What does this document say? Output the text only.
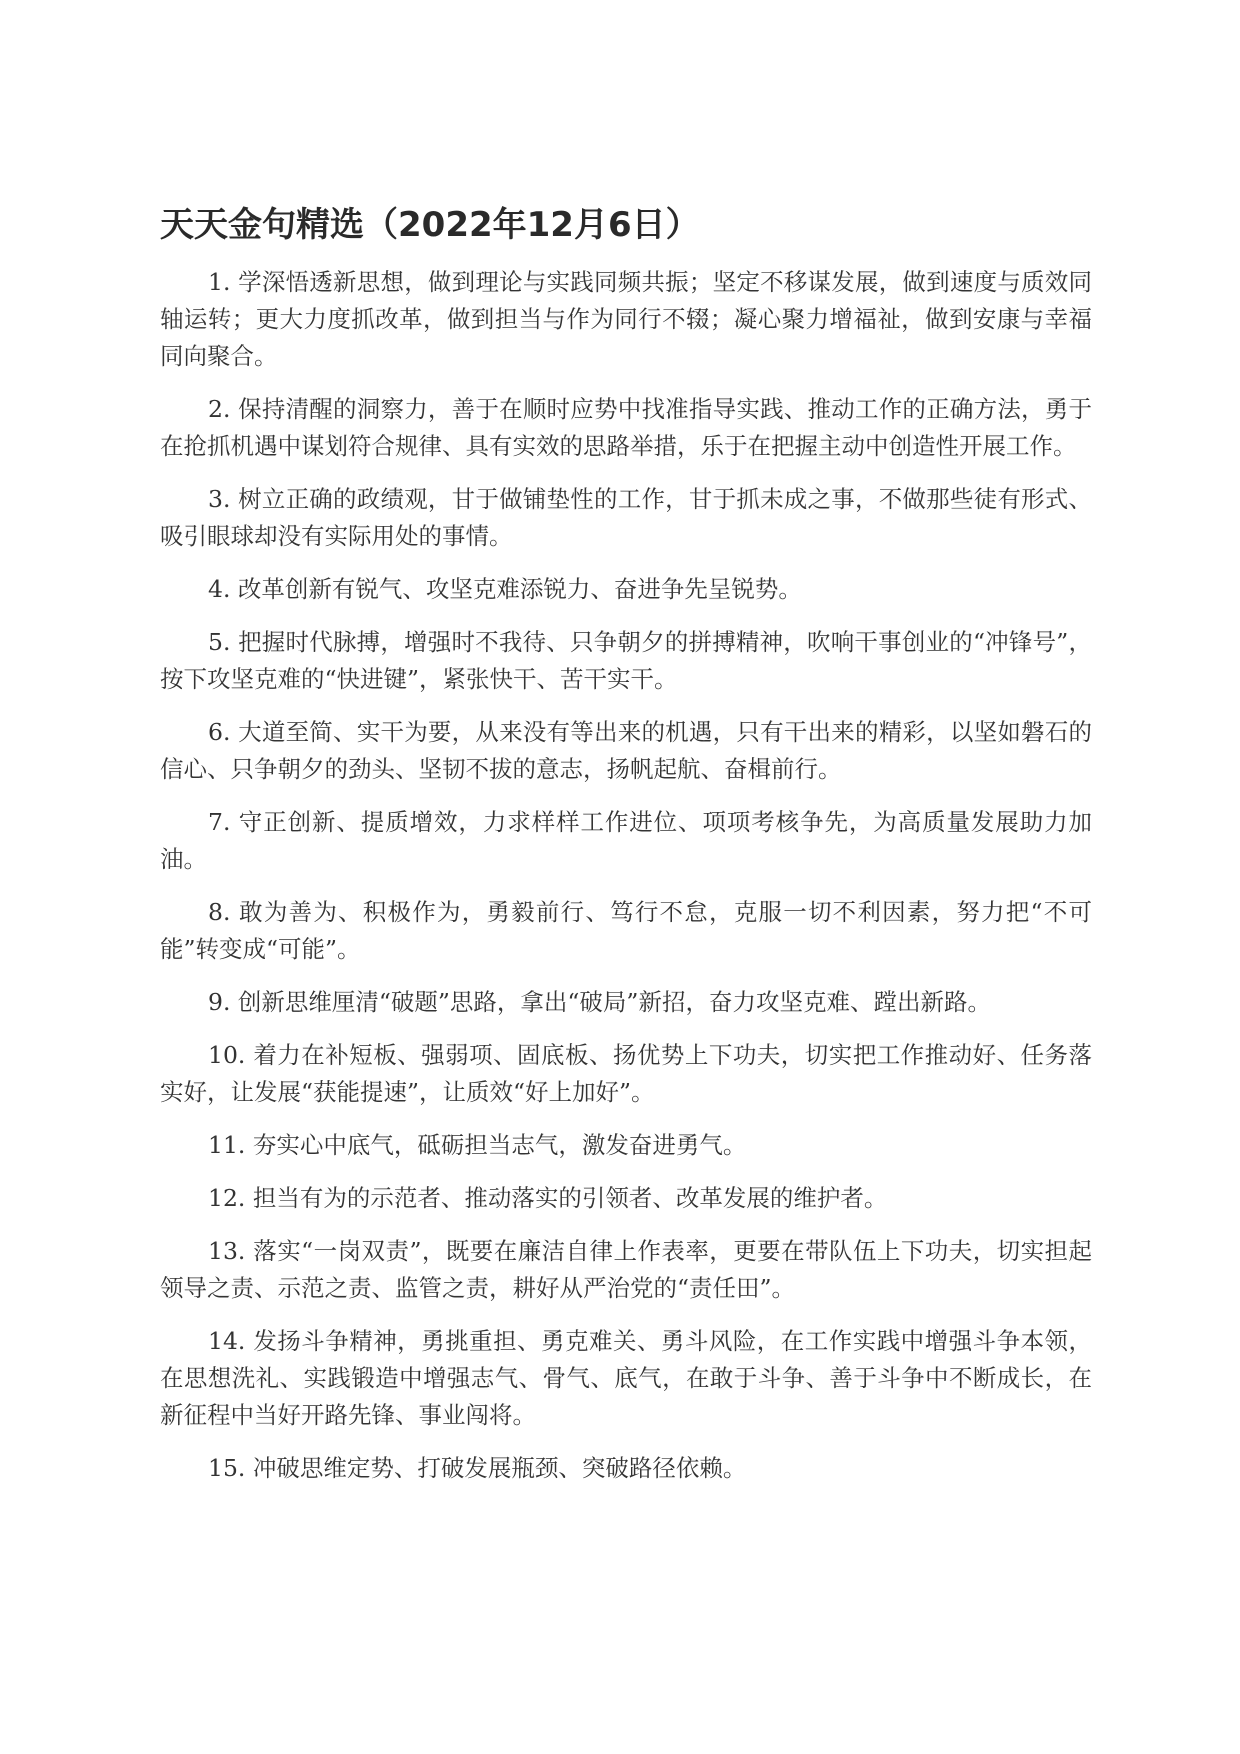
天天金句精选（2022年12月6日）

1. 学深悟透新思想，做到理论与实践同频共振；坚定不移谋发展，做到速度与质效同轴运转；更大力度抓改革，做到担当与作为同行不辍；凝心聚力增福祉，做到安康与幸福同向聚合。

2. 保持清醒的洞察力，善于在顺时应势中找准指导实践、推动工作的正确方法，勇于在抢抓机遇中谋划符合规律、具有实效的思路举措，乐于在把握主动中创造性开展工作。

3. 树立正确的政绩观，甘于做铺垫性的工作，甘于抓未成之事，不做那些徒有形式、吸引眼球却没有实际用处的事情。

4. 改革创新有锐气、攻坚克难添锐力、奋进争先呈锐势。

5. 把握时代脉搏，增强时不我待、只争朝夕的拼搏精神，吹响干事创业的“冲锋号”，按下攻坚克难的“快进键”，紧张快干、苦干实干。

6. 大道至简、实干为要，从来没有等出来的机遇，只有干出来的精彩，以坚如磐石的信心、只争朝夕的劲头、坚韧不拔的意志，扬帆起航、奋楫前行。

7. 守正创新、提质增效，力求样样工作进位、项项考核争先，为高质量发展助力加油。

8. 敢为善为、积极作为，勇毅前行、笃行不怠，克服一切不利因素，努力把“不可能”转变成“可能”。

9. 创新思维厘清“破题”思路，拿出“破局”新招，奋力攻坚克难、蹚出新路。

10. 着力在补短板、强弱项、固底板、扬优势上下功夫，切实把工作推动好、任务落实好，让发展“获能提速”，让质效“好上加好”。

11. 夯实心中底气，砥砺担当志气，激发奋进勇气。

12. 担当有为的示范者、推动落实的引领者、改革发展的维护者。

13. 落实“一岗双责”，既要在廉洁自律上作表率，更要在带队伍上下功夫，切实担起领导之责、示范之责、监管之责，耕好从严治党的“责任田”。

14. 发扬斗争精神，勇挑重担、勇克难关、勇斗风险，在工作实践中增强斗争本领，在思想洗礼、实践锻造中增强志气、骨气、底气，在敢于斗争、善于斗争中不断成长，在新征程中当好开路先锋、事业闯将。

15. 冲破思维定势、打破发展瓶颈、突破路径依赖。
